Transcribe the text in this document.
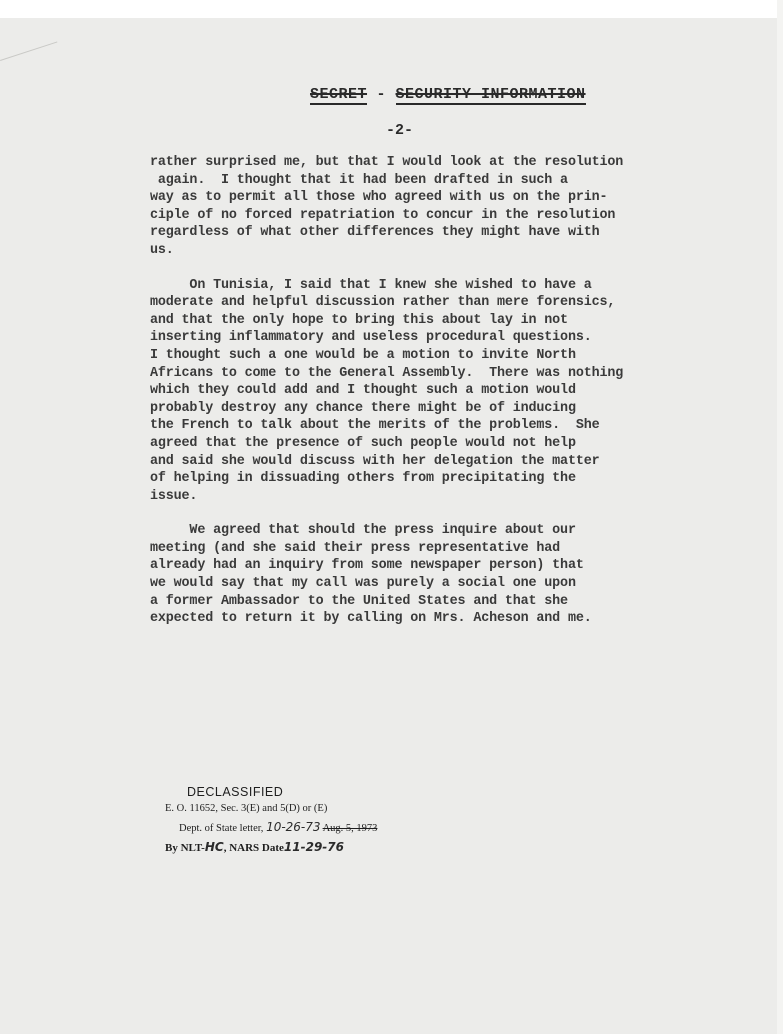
SECRET - SECURITY INFORMATION
-2-
rather surprised me, but that I would look at the resolution
again.  I thought that it had been drafted in such a
way as to permit all those who agreed with us on the prin-
ciple of no forced repatriation to concur in the resolution
regardless of what other differences they might have with
us.
On Tunisia, I said that I knew she wished to have a
moderate and helpful discussion rather than mere forensics,
and that the only hope to bring this about lay in not
inserting inflammatory and useless procedural questions.
I thought such a one would be a motion to invite North
Africans to come to the General Assembly.  There was nothing
which they could add and I thought such a motion would
probably destroy any chance there might be of inducing
the French to talk about the merits of the problems.  She
agreed that the presence of such people would not help
and said she would discuss with her delegation the matter
of helping in dissuading others from precipitating the
issue.
We agreed that should the press inquire about our
meeting (and she said their press representative had
already had an inquiry from some newspaper person) that
we would say that my call was purely a social one upon
a former Ambassador to the United States and that she
expected to return it by calling on Mrs. Acheson and me.
DECLASSIFIED
E. O. 11652, Sec. 3(E) and 5(D) or (E)
Dept. of State letter, 10-26-73 Aug. 5, 1973
By NLT-HC, NARS Date11-29-76
